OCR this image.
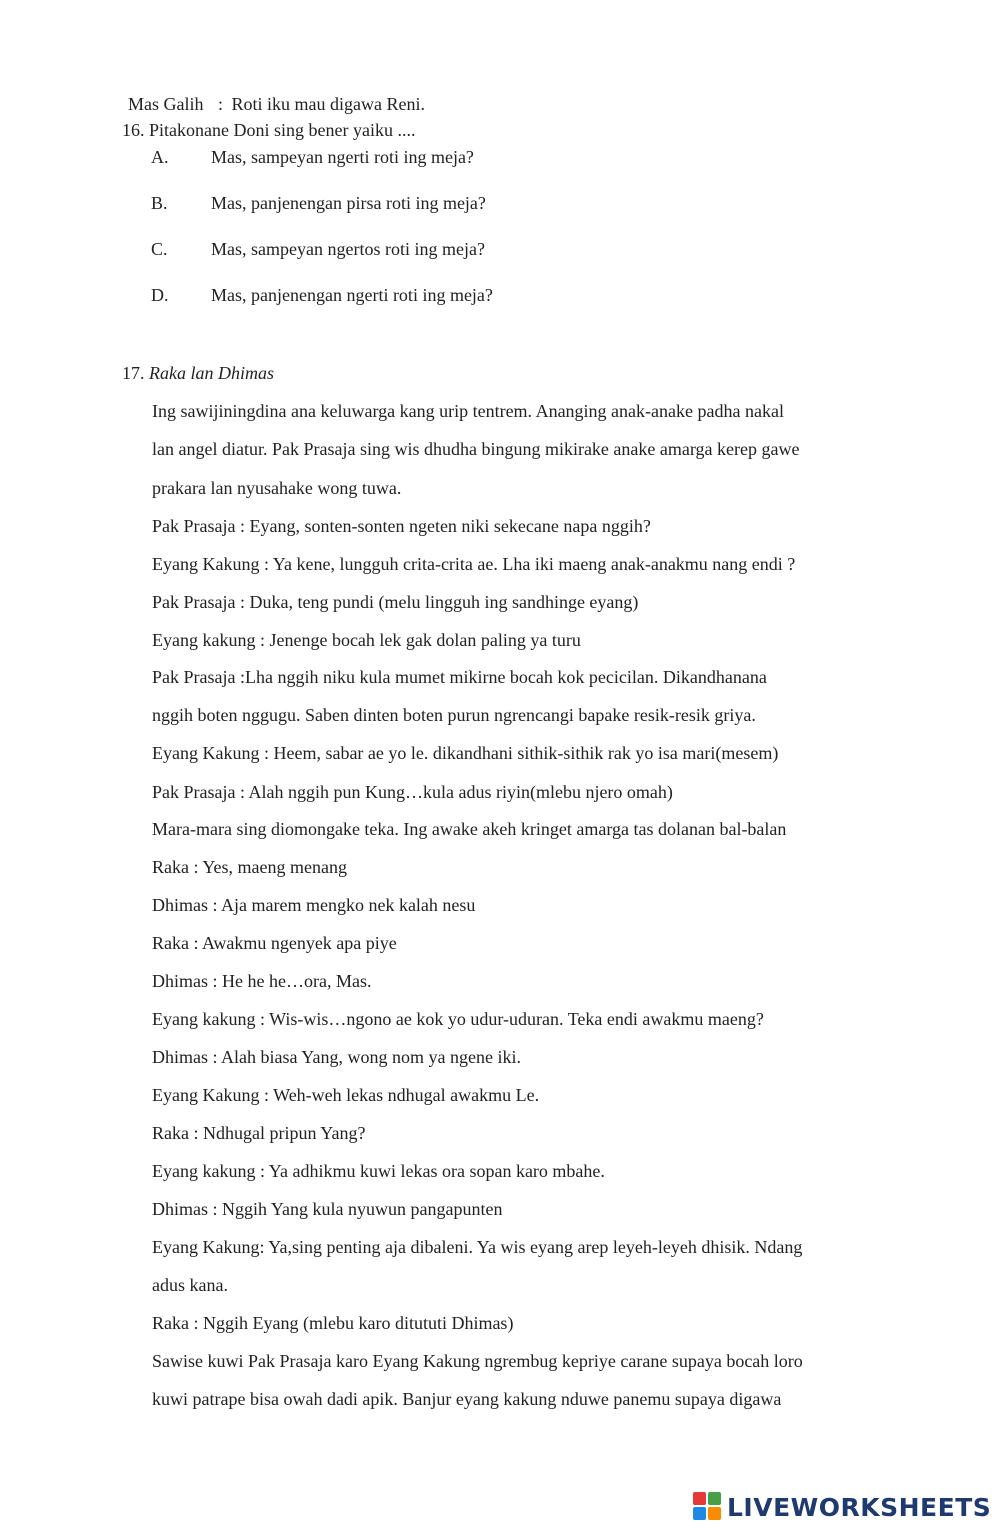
Mas Galih : Roti iku mau digawa Reni.
16. Pitakonane Doni sing bener yaiku ....
A. Mas, sampeyan ngerti roti ing meja?
B. Mas, panjenengan pirsa roti ing meja?
C. Mas, sampeyan ngertos roti ing meja?
D. Mas, panjenengan ngerti roti ing meja?
17. Raka lan Dhimas
Ing sawijiningdina ana keluwarga kang urip tentrem. Ananging anak-anake padha nakal
lan angel diatur. Pak Prasaja sing wis dhudha bingung mikirake anake amarga kerep gawe
prakara lan nyusahake wong tuwa.
Pak Prasaja : Eyang, sonten-sonten ngeten niki sekecane napa nggih?
Eyang Kakung : Ya kene, lungguh crita-crita ae. Lha iki maeng anak-anakmu nang endi ?
Pak Prasaja : Duka, teng pundi (melu lingguh ing sandhinge eyang)
Eyang kakung : Jenenge bocah lek gak dolan paling ya turu
Pak Prasaja :Lha nggih niku kula mumet mikirne bocah kok pecicilan. Dikandhanana
nggih boten nggugu. Saben dinten boten purun ngrencangi bapake resik-resik griya.
Eyang Kakung : Heem, sabar ae yo le. dikandhani sithik-sithik rak yo isa mari(mesem)
Pak Prasaja : Alah nggih pun Kung…kula adus riyin(mlebu njero omah)
Mara-mara sing diomongake teka. Ing awake akeh kringet amarga tas dolanan bal-balan
Raka : Yes, maeng menang
Dhimas : Aja marem mengko nek kalah nesu
Raka : Awakmu ngenyek apa piye
Dhimas : He he he…ora, Mas.
Eyang kakung : Wis-wis…ngono ae kok yo udur-uduran. Teka endi awakmu maeng?
Dhimas : Alah biasa Yang, wong nom ya ngene iki.
Eyang Kakung : Weh-weh lekas ndhugal awakmu Le.
Raka : Ndhugal pripun Yang?
Eyang kakung : Ya adhikmu kuwi lekas ora sopan karo mbahe.
Dhimas : Nggih Yang kula nyuwun pangapunten
Eyang Kakung: Ya,sing penting aja dibaleni. Ya wis eyang arep leyeh-leyeh dhisik. Ndang
adus kana.
Raka : Nggih Eyang (mlebu karo ditututi Dhimas)
Sawise kuwi Pak Prasaja karo Eyang Kakung ngrembug kepriye carane supaya bocah loro
kuwi patrape bisa owah dadi apik. Banjur eyang kakung nduwe panemu supaya digawa
LIVEWORKSHEETS
